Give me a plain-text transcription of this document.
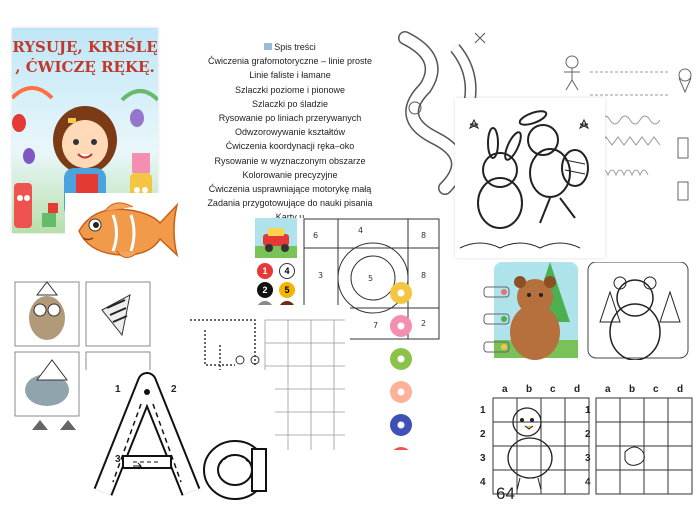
RYSUJĘ, KREŚLĘ
, ĆWICZĘ RĘKĘ.
Spis treści
Ćwiczenia grafomotoryczne – linie proste
Linie faliste i łamane
Szlaczki poziome i pionowe
Szlaczki po śladzie
Rysowanie po liniach przerywanych
Odwzorowywanie kształtów
Ćwiczenia koordynacji ręka–oko
Rysowanie w wyznaczonym obszarze
Kolorowanie precyzyjne
Ćwiczenia usprawniające motorykę małą
Zadania przygotowujące do nauki pisania
1	4
2	5
6
4
8
3	5	8
7	2
1	2
3
a b c d
1
2
3
4
a b c d
1
2
3
4
64
